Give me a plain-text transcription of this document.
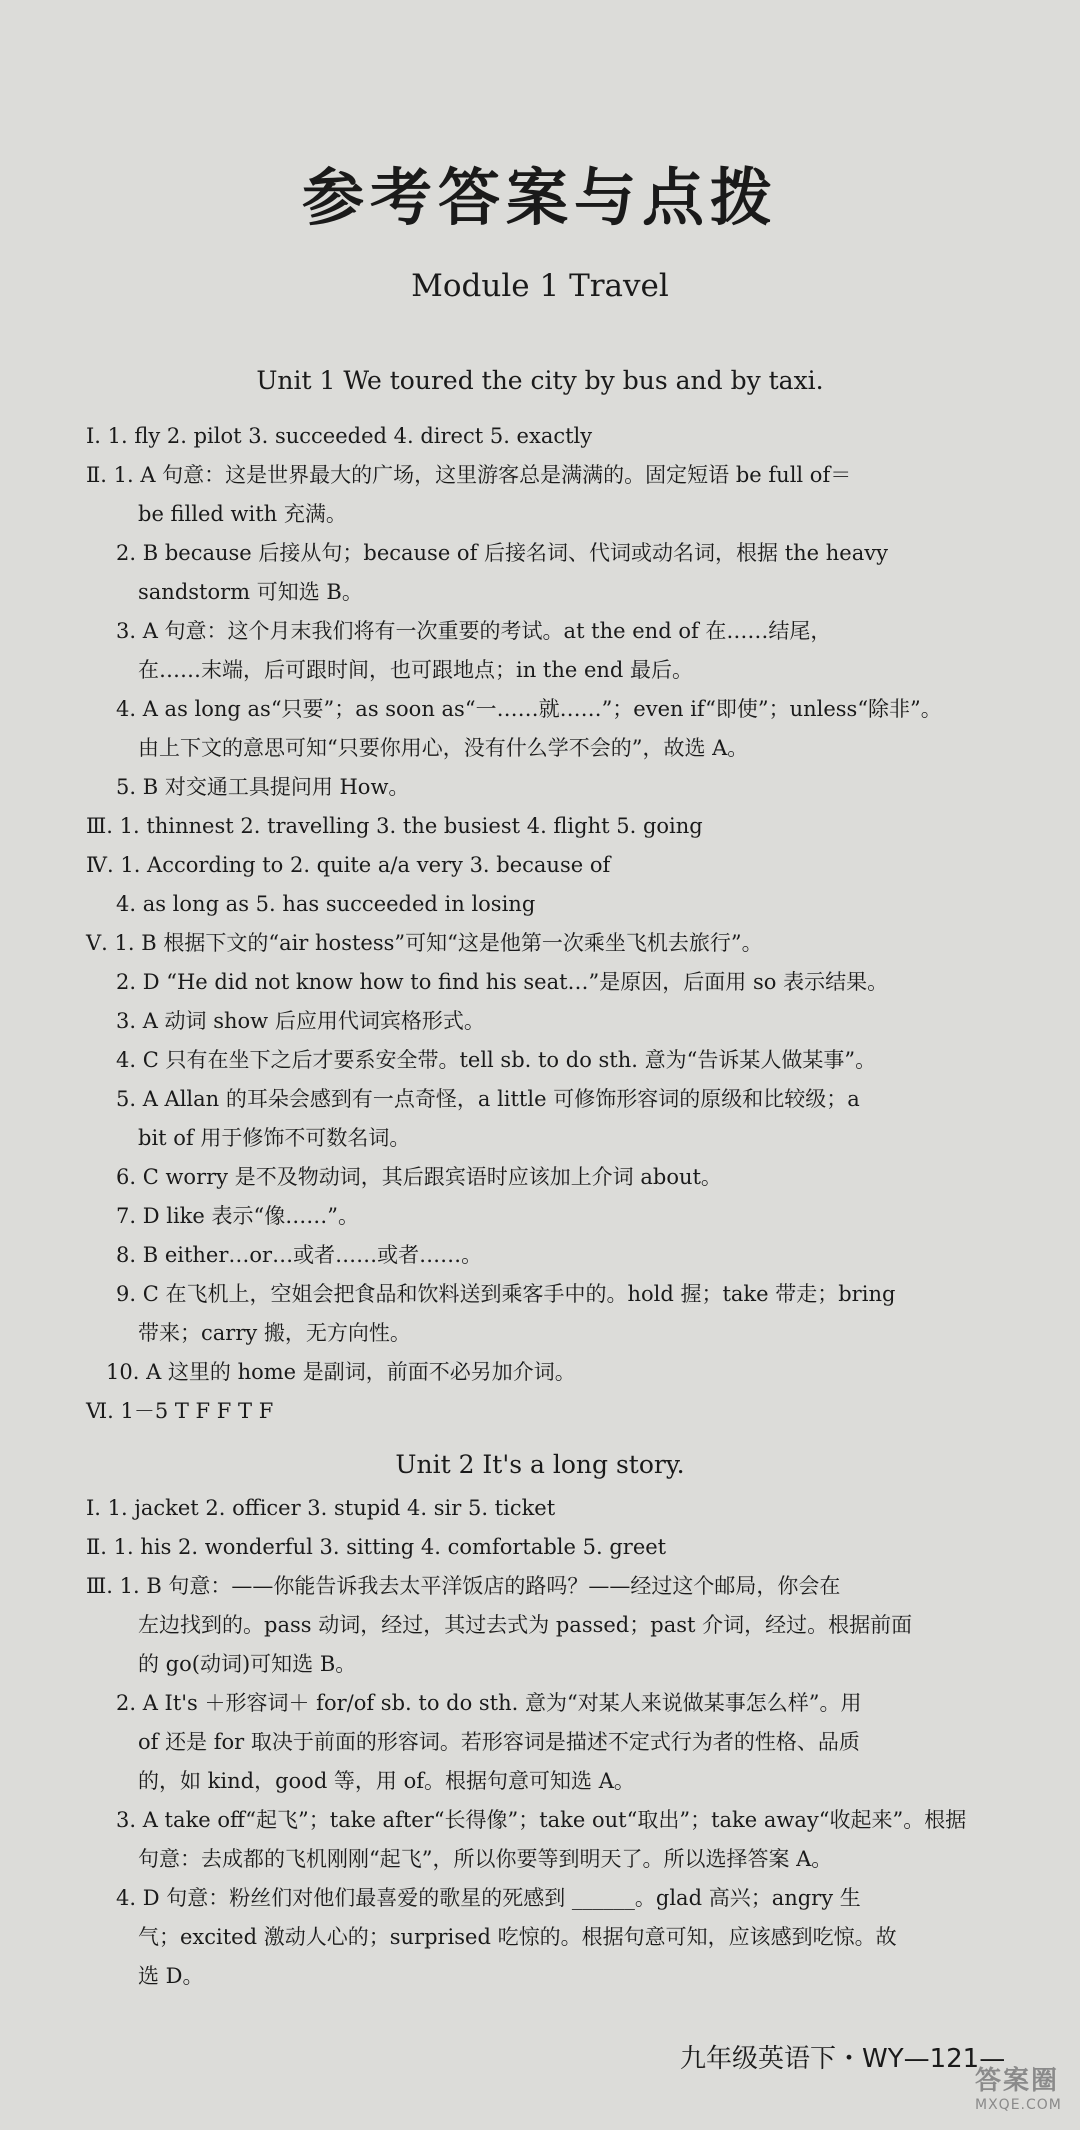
参考答案与点拨
Module 1 Travel
Unit 1 We toured the city by bus and by taxi.
Ⅰ. 1. fly 2. pilot 3. succeeded 4. direct 5. exactly
Ⅱ. 1. A 句意：这是世界最大的广场，这里游客总是满满的。固定短语 be full of＝
be filled with 充满。
2. B because 后接从句；because of 后接名词、代词或动名词，根据 the heavy
sandstorm 可知选 B。
3. A 句意：这个月末我们将有一次重要的考试。at the end of 在……结尾，
在……末端，后可跟时间，也可跟地点；in the end 最后。
4. A as long as“只要”；as soon as“一……就……”；even if“即使”；unless“除非”。
由上下文的意思可知“只要你用心，没有什么学不会的”，故选 A。
5. B 对交通工具提问用 How。
Ⅲ. 1. thinnest 2. travelling 3. the busiest 4. flight 5. going
Ⅳ. 1. According to 2. quite a/a very 3. because of
4. as long as 5. has succeeded in losing
Ⅴ. 1. B 根据下文的“air hostess”可知“这是他第一次乘坐飞机去旅行”。
2. D “He did not know how to find his seat…”是原因，后面用 so 表示结果。
3. A 动词 show 后应用代词宾格形式。
4. C 只有在坐下之后才要系安全带。tell sb. to do sth. 意为“告诉某人做某事”。
5. A Allan 的耳朵会感到有一点奇怪，a little 可修饰形容词的原级和比较级；a
bit of 用于修饰不可数名词。
6. C worry 是不及物动词，其后跟宾语时应该加上介词 about。
7. D like 表示“像……”。
8. B either…or…或者……或者……。
9. C 在飞机上，空姐会把食品和饮料送到乘客手中的。hold 握；take 带走；bring
带来；carry 搬，无方向性。
10. A 这里的 home 是副词，前面不必另加介词。
Ⅵ. 1－5 T F F T F
Unit 2 It's a long story.
Ⅰ. 1. jacket 2. officer 3. stupid 4. sir 5. ticket
Ⅱ. 1. his 2. wonderful 3. sitting 4. comfortable 5. greet
Ⅲ. 1. B 句意：——你能告诉我去太平洋饭店的路吗？——经过这个邮局，你会在
左边找到的。pass 动词，经过，其过去式为 passed；past 介词，经过。根据前面
的 go(动词)可知选 B。
2. A It's ＋形容词＋ for/of sb. to do sth. 意为“对某人来说做某事怎么样”。用
of 还是 for 取决于前面的形容词。若形容词是描述不定式行为者的性格、品质
的，如 kind，good 等，用 of。根据句意可知选 A。
3. A take off“起飞”；take after“长得像”；take out“取出”；take away“收起来”。根据
句意：去成都的飞机刚刚“起飞”，所以你要等到明天了。所以选择答案 A。
4. D 句意：粉丝们对他们最喜爱的歌星的死感到 ______。glad 高兴；angry 生
气；excited 激动人心的；surprised 吃惊的。根据句意可知，应该感到吃惊。故
选 D。
九年级英语下・WY—121—
答案圈
MXQE.COM
